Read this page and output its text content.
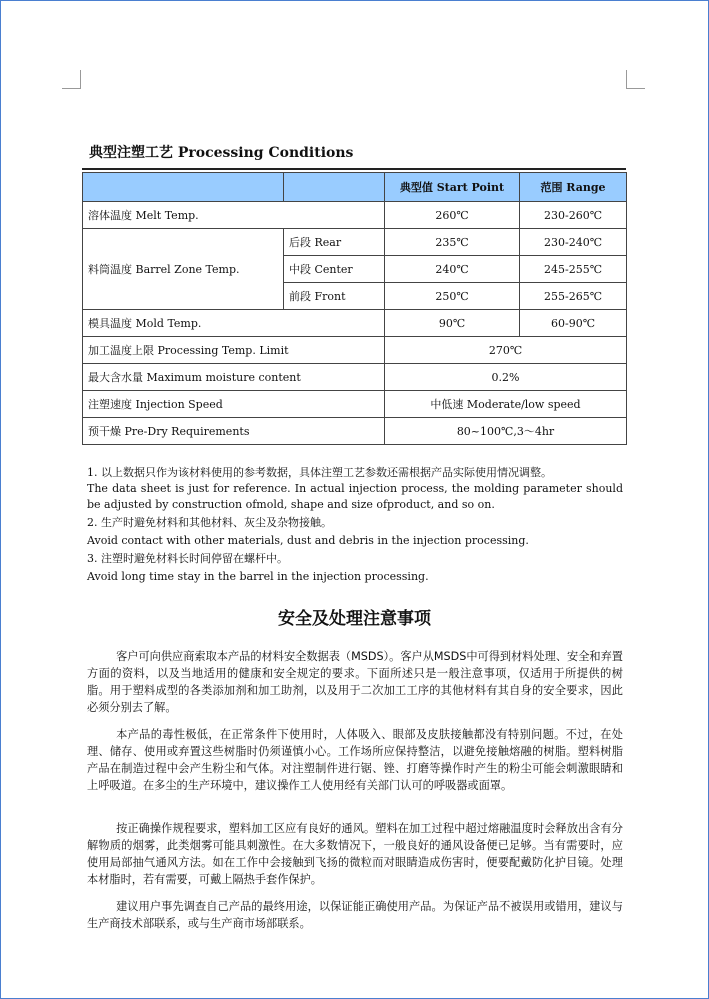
典型注塑工艺 Processing Conditions
		典型值 Start Point	范围 Range
溶体温度 Melt Temp.		260℃	230-260℃
料筒温度 Barrel Zone Temp.	后段 Rear	235℃	230-240℃
	中段 Center	240℃	245-255℃
	前段 Front	250℃	255-265℃
模具温度 Mold Temp.		90℃	60-90℃
加工温度上限 Processing Temp. Limit		270℃	
最大含水量 Maximum moisture content		0.2%	
注塑速度 Injection Speed		中低速 Moderate/low speed	
预干燥 Pre-Dry Requirements		80~100℃,3～4hr	

1. 以上数据只作为该材料使用的参考数据，具体注塑工艺参数还需根据产品实际使用情况调整。

The data sheet is just for reference. In actual injection process, the molding parameter should be adjusted by construction ofmold, shape and size ofproduct, and so on.

2. 生产时避免材料和其他材料、灰尘及杂物接触。

Avoid contact with other materials, dust and debris in the injection processing.

3. 注塑时避免材料长时间停留在螺杆中。

Avoid long time stay in the barrel in the injection processing.

安全及处理注意事项

客户可向供应商索取本产品的材料安全数据表（MSDS）。客户从MSDS中可得到材料处理、安全和弃置方面的资料，以及当地适用的健康和安全规定的要求。下面所述只是一般注意事项，仅适用于所提供的树脂。用于塑料成型的各类添加剂和加工助剂，以及用于二次加工工序的其他材料有其自身的安全要求，因此必须分别去了解。

本产品的毒性极低，在正常条件下使用时，人体吸入、眼部及皮肤接触都没有特别问题。不过，在处理、储存、使用或弃置这些树脂时仍须谨慎小心。工作场所应保持整洁，以避免接触熔融的树脂。塑料树脂产品在制造过程中会产生粉尘和气体。对注塑制件进行锯、锉、打磨等操作时产生的粉尘可能会刺激眼睛和上呼吸道。在多尘的生产环境中，建议操作工人使用经有关部门认可的呼吸器或面罩。

按正确操作规程要求，塑料加工区应有良好的通风。塑料在加工过程中超过熔融温度时会释放出含有分解物质的烟雾，此类烟雾可能具刺激性。在大多数情况下，一般良好的通风设备便已足够。当有需要时，应使用局部抽气通风方法。如在工作中会接触到飞扬的微粒而对眼睛造成伤害时，便要配戴防化护目镜。处理本材脂时，若有需要，可戴上隔热手套作保护。

建议用户事先调查自己产品的最终用途，以保证能正确使用产品。为保证产品不被误用或错用，建议与生产商技术部联系，或与生产商市场部联系。
